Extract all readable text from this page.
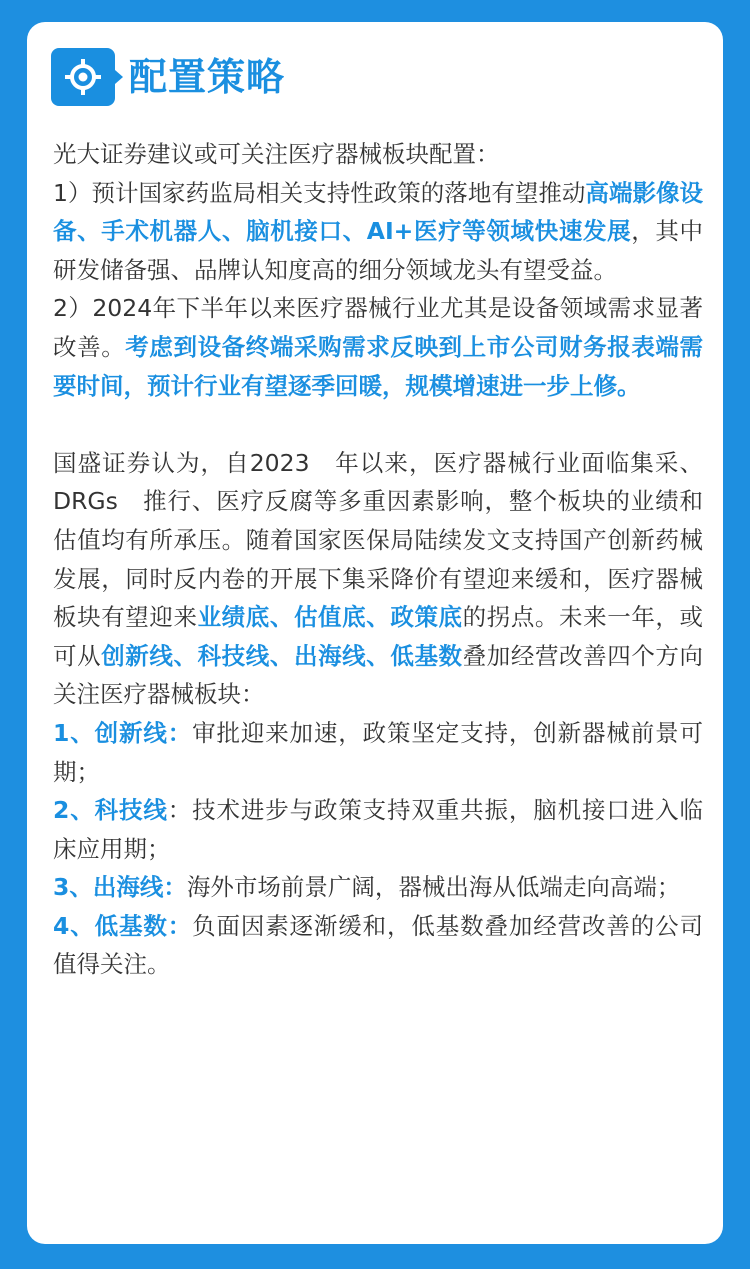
配置策略

光大证券建议或可关注医疗器械板块配置：

1）预计国家药监局相关支持性政策的落地有望推动高端影像设备、手术机器人、脑机接口、AI+医疗等领域快速发展，其中研发储备强、品牌认知度高的细分领域龙头有望受益。

2）2024年下半年以来医疗器械行业尤其是设备领域需求显著改善。考虑到设备终端采购需求反映到上市公司财务报表端需要时间，预计行业有望逐季回暖，规模增速进一步上修。

国盛证券认为，自2023　年以来，医疗器械行业面临集采、DRGs　推行、医疗反腐等多重因素影响，整个板块的业绩和估值均有所承压。随着国家医保局陆续发文支持国产创新药械发展，同时反内卷的开展下集采降价有望迎来缓和，医疗器械板块有望迎来业绩底、估值底、政策底的拐点。未来一年，或可从创新线、科技线、出海线、低基数叠加经营改善四个方向关注医疗器械板块：

1、创新线：审批迎来加速，政策坚定支持，创新器械前景可期；

2、科技线：技术进步与政策支持双重共振，脑机接口进入临床应用期；

3、出海线：海外市场前景广阔，器械出海从低端走向高端；

4、低基数：负面因素逐渐缓和，低基数叠加经营改善的公司值得关注。
